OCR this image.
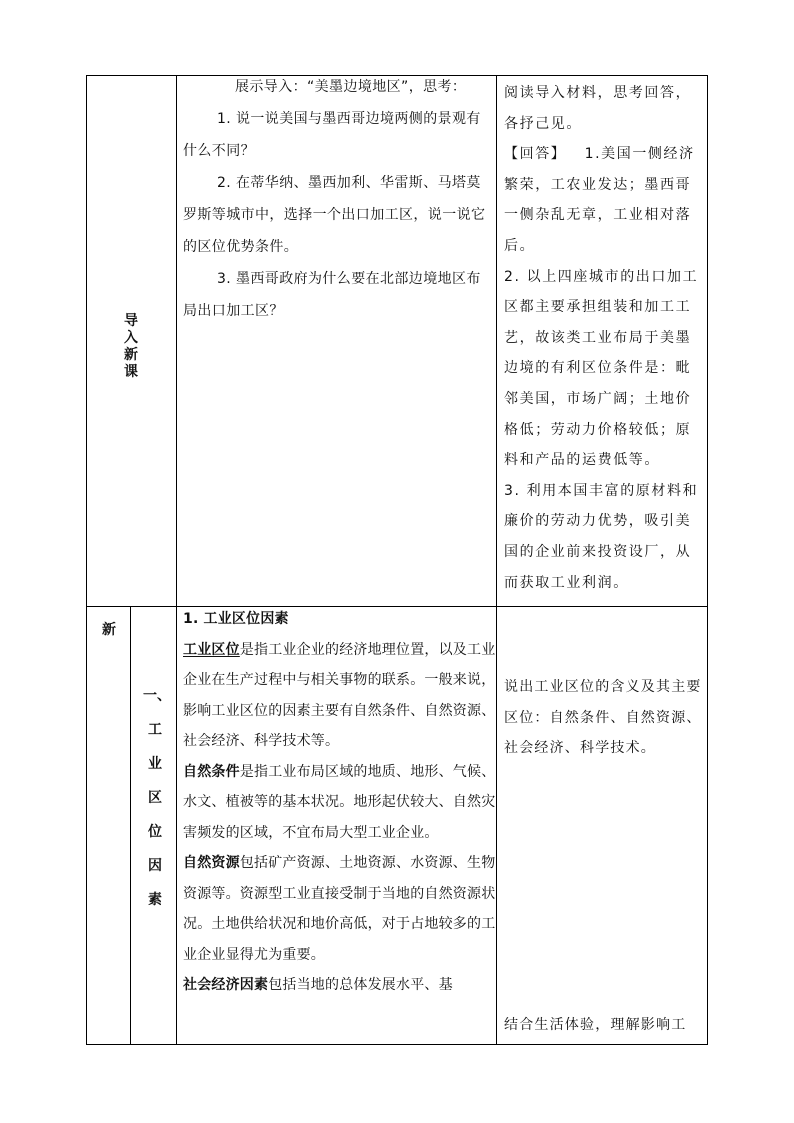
导
入
新
课

展示导入：“美墨边境地区”，思考：

1. 说一说美国与墨西哥边境两侧的景观有什么不同？

2. 在蒂华纳、墨西加利、华雷斯、马塔莫罗斯等城市中，选择一个出口加工区，说一说它的区位优势条件。

3. 墨西哥政府为什么要在北部边境地区布局出口加工区？

阅读导入材料，思考回答，各抒己见。

【回答】 1.美国一侧经济繁荣，工农业发达；墨西哥一侧杂乱无章，工业相对落后。

2. 以上四座城市的出口加工区都主要承担组装和加工工艺，故该类工业布局于美墨边境的有利区位条件是：毗邻美国，市场广阔；土地价格低；劳动力价格较低；原料和产品的运费低等。

3. 利用本国丰富的原材料和廉价的劳动力优势，吸引美国的企业前来投资设厂，从而获取工业利润。

新
一、
工
业
区
位
因
素

1. 工业区位因素

工业区位是指工业企业的经济地理位置，以及工业企业在生产过程中与相关事物的联系。一般来说，影响工业区位的因素主要有自然条件、自然资源、社会经济、科学技术等。

自然条件是指工业布局区域的地质、地形、气候、水文、植被等的基本状况。地形起伏较大、自然灾害频发的区域，不宜布局大型工业企业。

自然资源包括矿产资源、土地资源、水资源、生物资源等。资源型工业直接受制于当地的自然资源状况。土地供给状况和地价高低，对于占地较多的工业企业显得尤为重要。

社会经济因素包括当地的总体发展水平、基

说出工业区位的含义及其主要区位：自然条件、自然资源、社会经济、科学技术。

结合生活体验，理解影响工
